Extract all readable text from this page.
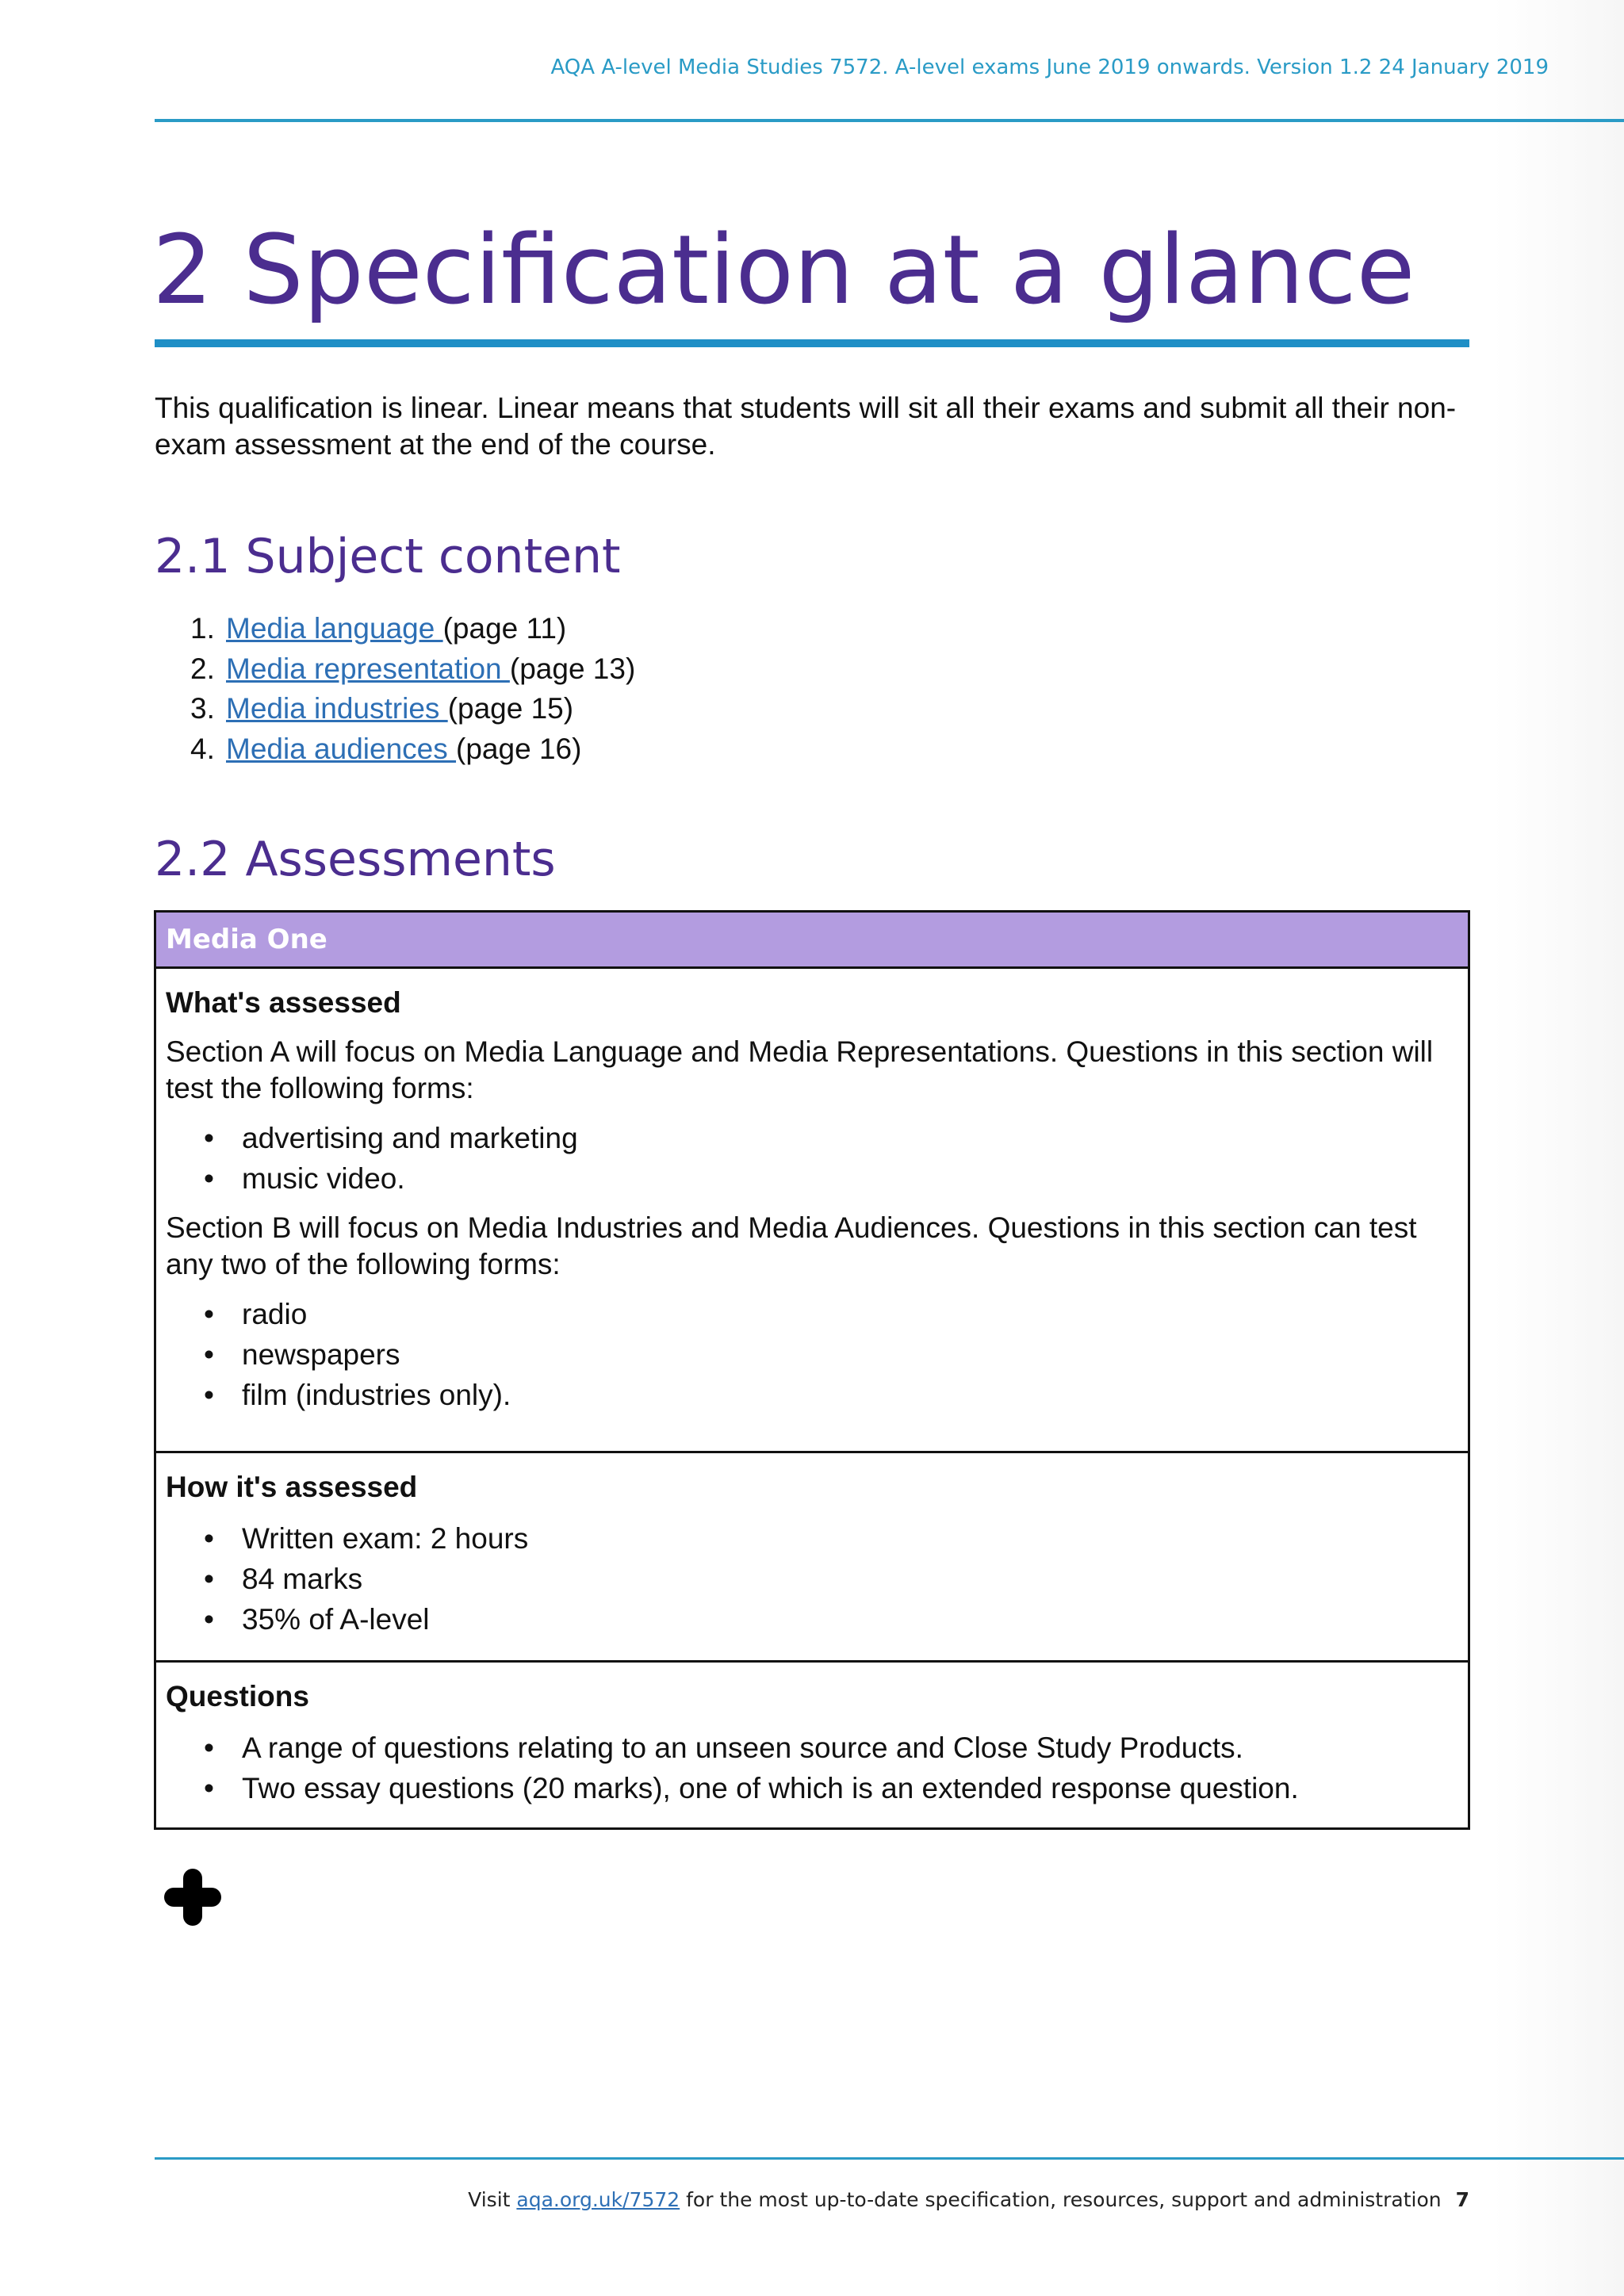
AQA A-level Media Studies 7572. A-level exams June 2019 onwards. Version 1.2 24 January 2019
2 Specification at a glance

This qualification is linear. Linear means that students will sit all their exams and submit all their non-exam assessment at the end of the course.

2.1 Subject content
1. Media language (page 11)
2. Media representation (page 13)
3. Media industries (page 15)
4. Media audiences (page 16)
2.2 Assessments
Media One
What's assessed

Section A will focus on Media Language and Media Representations. Questions in this section will test the following forms:

• advertising and marketing
• music video.

Section B will focus on Media Industries and Media Audiences. Questions in this section can test any two of the following forms:

• radio
• newspapers
• film (industries only).
How it's assessed
• Written exam: 2 hours
• 84 marks
• 35% of A-level
Questions
• A range of questions relating to an unseen source and Close Study Products.
• Two essay questions (20 marks), one of which is an extended response question.
Visit aqa.org.uk/7572 for the most up-to-date specification, resources, support and administration 7
